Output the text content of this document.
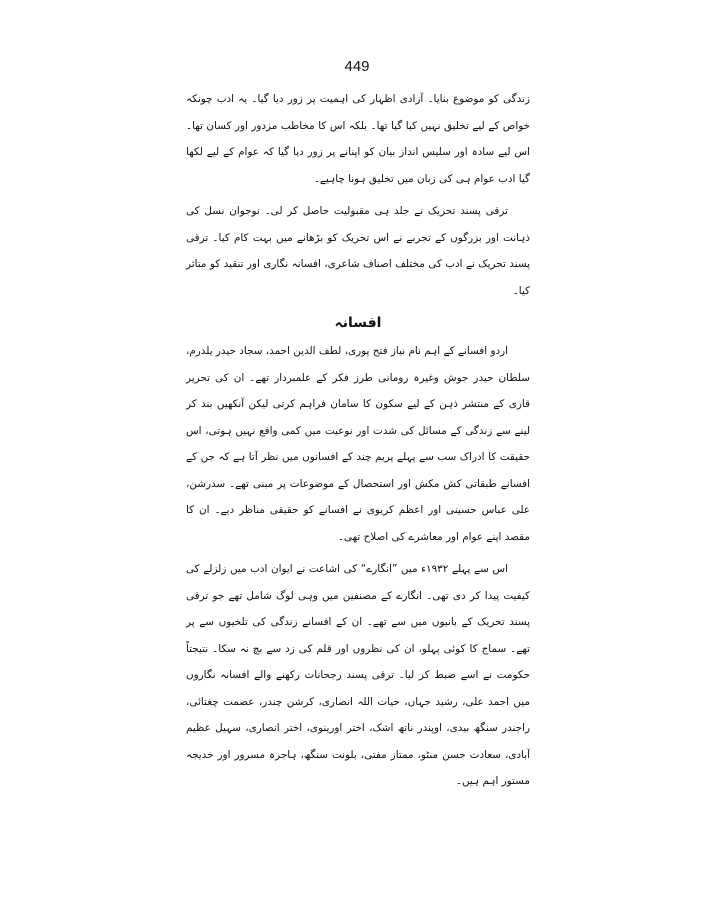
449

زندگی کو موضوع بنایا۔ آزادی اظہار کی اہمیت پر زور دیا گیا۔ یہ ادب چونکہ خواص کے لیے تخلیق نہیں کیا گیا تھا۔ بلکہ اس کا مخاطب مزدور اور کسان تھا۔ اس لیے سادہ اور سلیس انداز بیان کو اپنانے پر زور دیا گیا کہ عوام کے لیے لکھا گیا ادب عوام ہی کی زبان میں تخلیق ہونا چاہیے۔

ترقی پسند تحریک نے جلد ہی مقبولیت حاصل کر لی۔ نوجوان نسل کی ذہانت اور بزرگوں کے تجربے نے اس تحریک کو بڑھانے میں بہت کام کیا۔ ترقی پسند تحریک نے ادب کی مختلف اصناف شاعری، افسانہ نگاری اور تنقید کو متاثر کیا۔

افسانہ

اردو افسانے کے اہم نام نیاز فتح پوری، لطف الدین احمد، سجاد حیدر یلدرم، سلطان حیدر جوش وغیرہ رومانی طرز فکر کے علمبردار تھے۔ ان کی تحریر قاری کے منتشر ذہن کے لیے سکون کا سامان فراہم کرتی لیکن آنکھیں بند کر لینے سے زندگی کے مسائل کی شدت اور نوعیت میں کمی واقع نہیں ہوتی، اس حقیقت کا ادراک سب سے پہلے پریم چند کے افسانوں میں نظر آتا ہے کہ جن کے افسانے طبقاتی کش مکش اور استحصال کے موضوعات پر مبنی تھے۔ سدرشن، علی عباس حسینی اور اعظم کریوی نے افسانے کو حقیقی مناظر دیے۔ ان کا مقصد اپنے عوام اور معاشرے کی اصلاح تھی۔

اس سے پہلے ۱۹۳۲ء میں ”انگارے“ کی اشاعت نے ایوان ادب میں زلزلے کی کیفیت پیدا کر دی تھی۔ انگارے کے مصنفین میں وہی لوگ شامل تھے جو ترقی پسند تحریک کے بانیوں میں سے تھے۔ ان کے افسانے زندگی کی تلخیوں سے پر تھے۔ سماج کا کوئی پہلو، ان کی نظروں اور قلم کی زد سے بچ نہ سکا۔ نتیجتاً حکومت نے اسے ضبط کر لیا۔ ترقی پسند رجحانات رکھنے والے افسانہ نگاروں میں احمد علی، رشید جہاں، حیات اللہ انصاری، کرشن چندر، عصمت چغتائی، راجندر سنگھ بیدی، اوپندر ناتھ اشک، اختر اورینوی، اختر انصاری، سہیل عظیم آبادی، سعادت حسن منٹو، ممتاز مفتی، بلونت سنگھ، ہاجرہ مسرور اور خدیجہ مستور اہم ہیں۔
